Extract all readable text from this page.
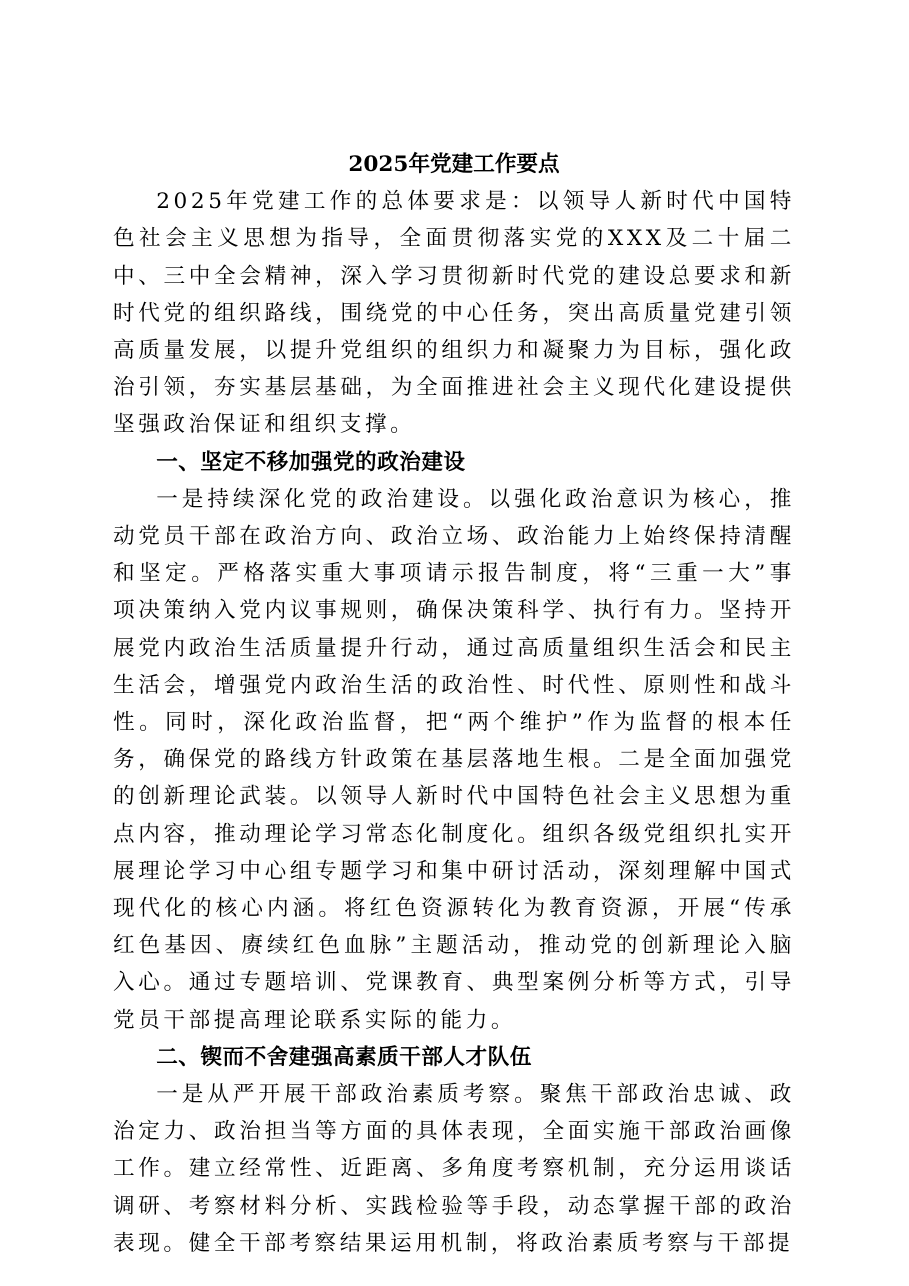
2025年党建工作要点

2025年党建工作的总体要求是：以领导人新时代中国特色社会主义思想为指导，全面贯彻落实党的XXX及二十届二中、三中全会精神，深入学习贯彻新时代党的建设总要求和新时代党的组织路线，围绕党的中心任务，突出高质量党建引领高质量发展，以提升党组织的组织力和凝聚力为目标，强化政治引领，夯实基层基础，为全面推进社会主义现代化建设提供坚强政治保证和组织支撑。

一、坚定不移加强党的政治建设

一是持续深化党的政治建设。以强化政治意识为核心，推动党员干部在政治方向、政治立场、政治能力上始终保持清醒和坚定。严格落实重大事项请示报告制度，将“三重一大”事项决策纳入党内议事规则，确保决策科学、执行有力。坚持开展党内政治生活质量提升行动，通过高质量组织生活会和民主生活会，增强党内政治生活的政治性、时代性、原则性和战斗性。同时，深化政治监督，把“两个维护”作为监督的根本任务，确保党的路线方针政策在基层落地生根。二是全面加强党的创新理论武装。以领导人新时代中国特色社会主义思想为重点内容，推动理论学习常态化制度化。组织各级党组织扎实开展理论学习中心组专题学习和集中研讨活动，深刻理解中国式现代化的核心内涵。将红色资源转化为教育资源，开展“传承红色基因、赓续红色血脉”主题活动，推动党的创新理论入脑入心。通过专题培训、党课教育、典型案例分析等方式，引导党员干部提高理论联系实际的能力。

二、锲而不舍建强高素质干部人才队伍

一是从严开展干部政治素质考察。聚焦干部政治忠诚、政治定力、政治担当等方面的具体表现，全面实施干部政治画像工作。建立经常性、近距离、多角度考察机制，充分运用谈话调研、考察材料分析、实践检验等手段，动态掌握干部的政治表现。健全干部考察结果运用机制，将政治素质考察与干部提
